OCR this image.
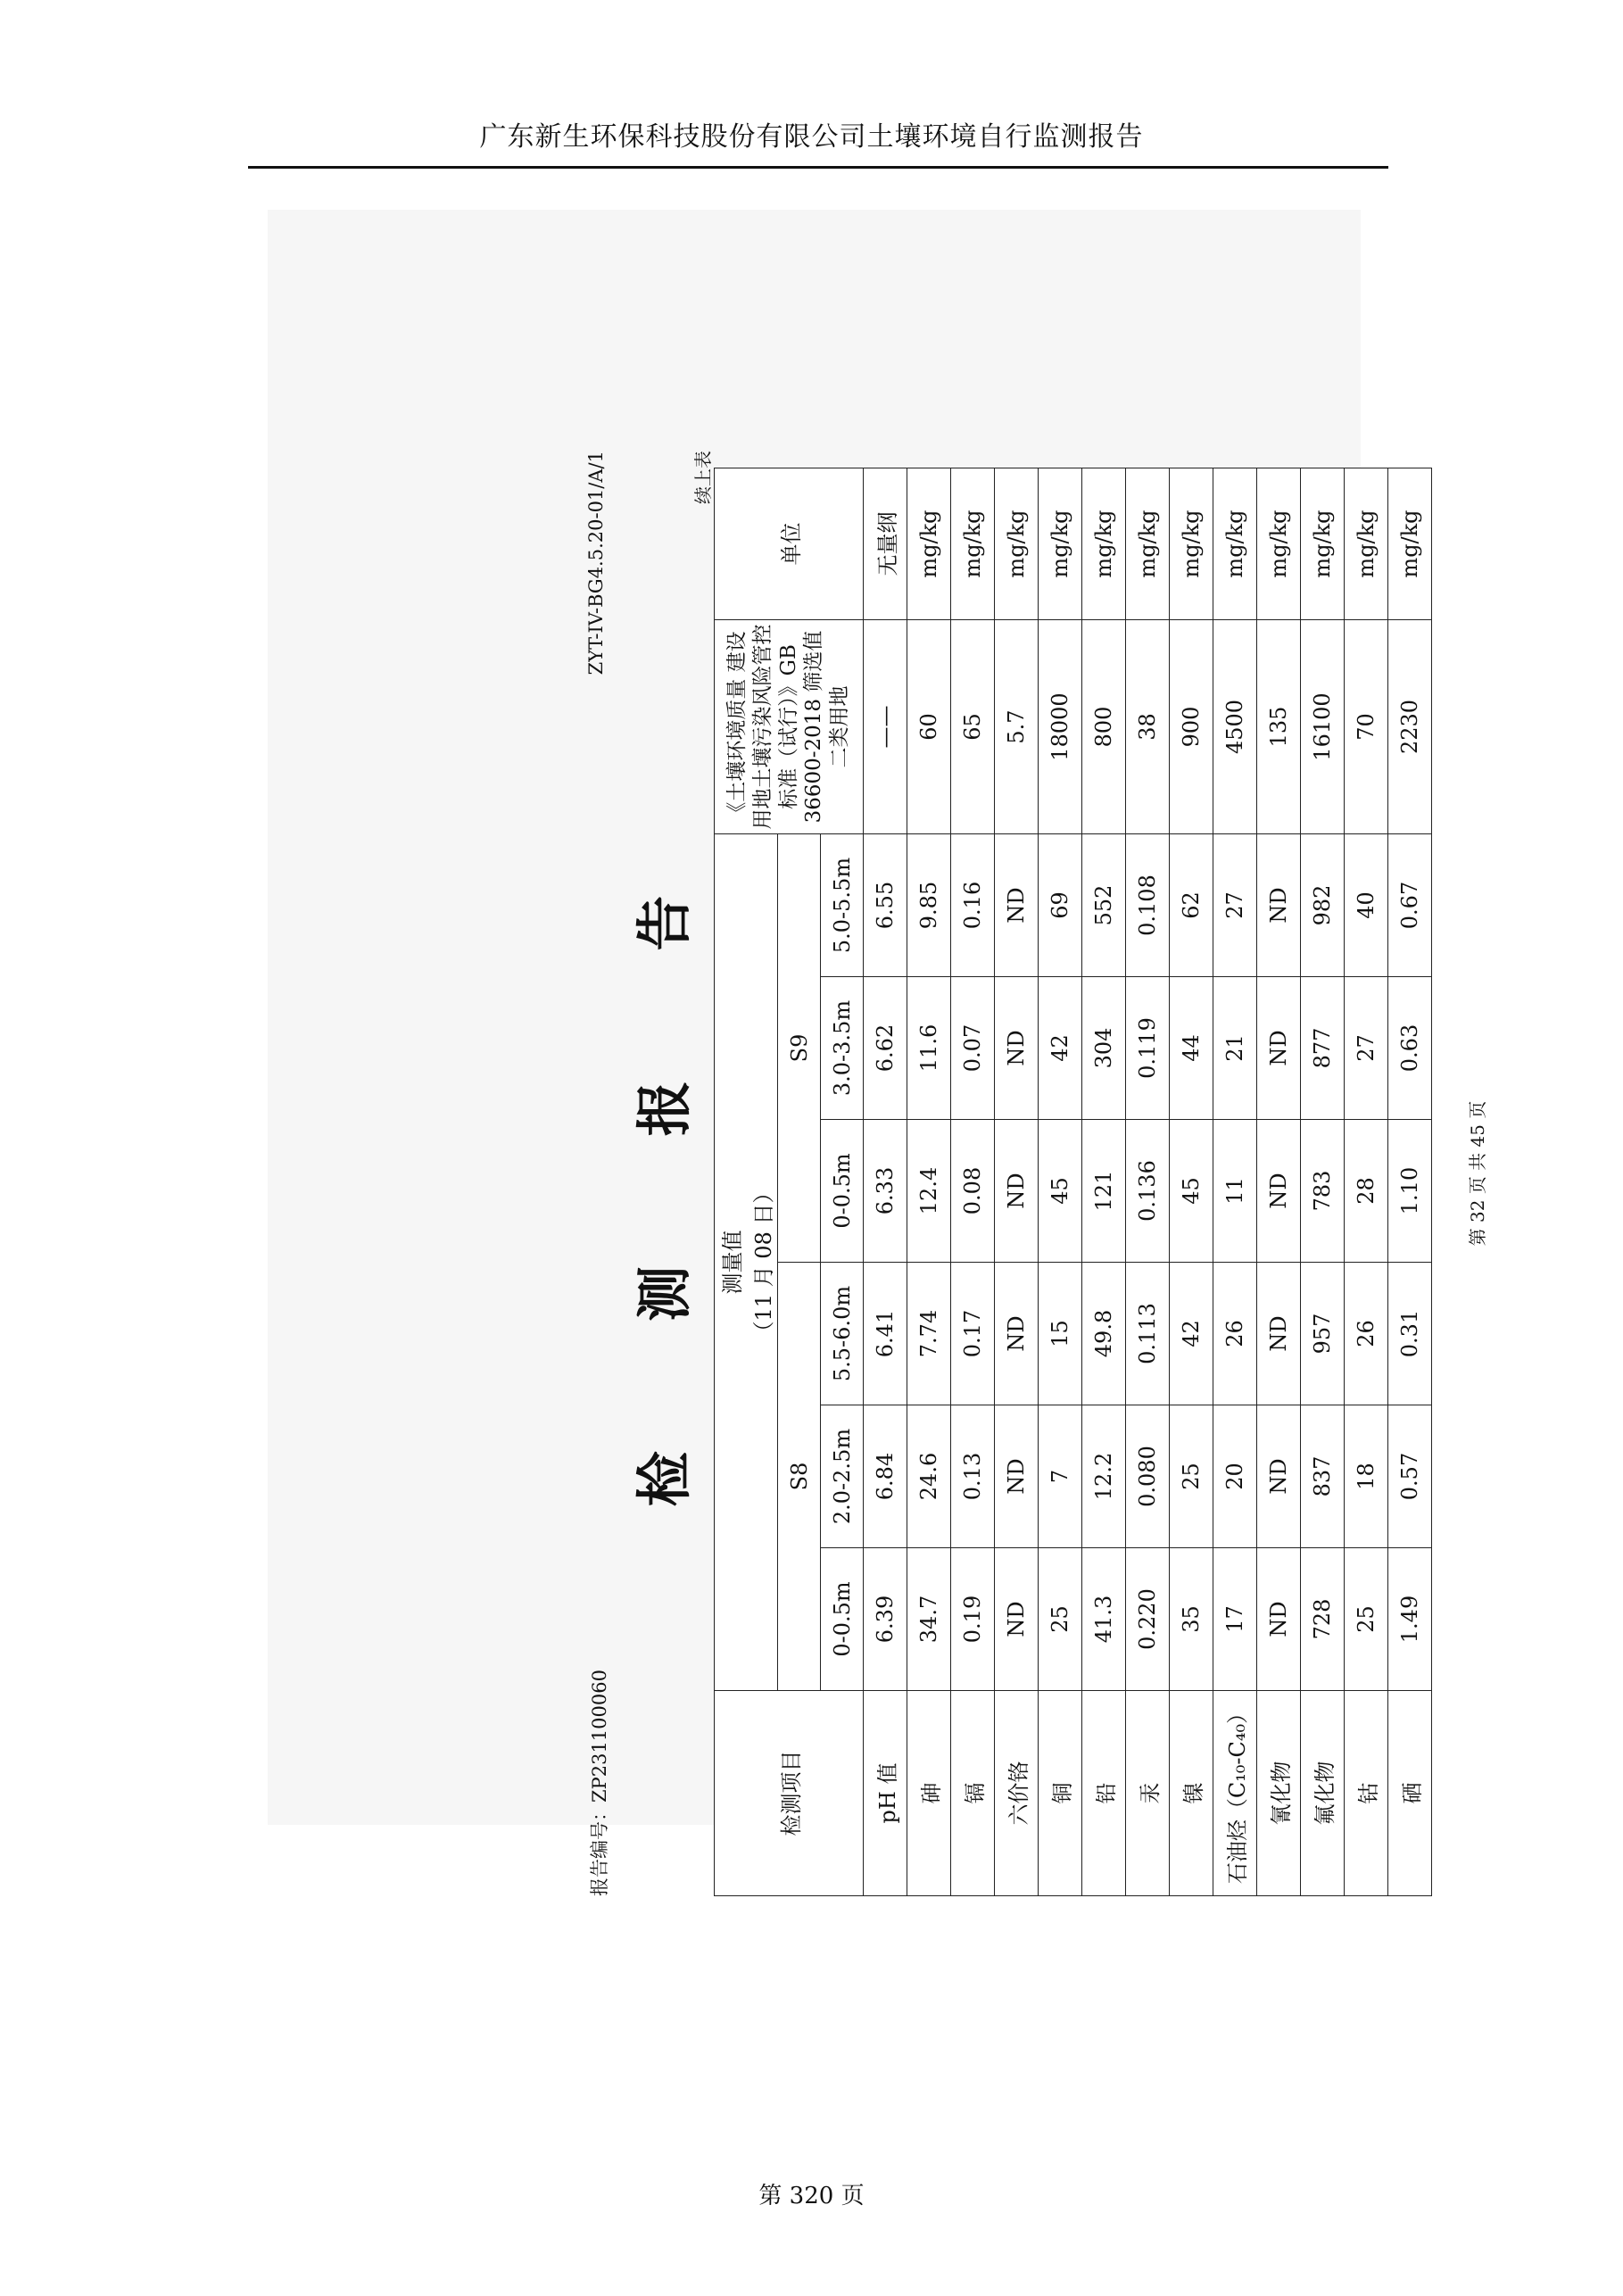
广东新生环保科技股份有限公司土壤环境自行监测报告
报告编号：ZP231100060
ZYT-IV-BG4.5.20-01/A/1
检 测 报 告
续上表
检测项目	测量值 （11 月 08 日）						《土壤环境质量 建设用地土壤污染风险管控标准（试行）》GB 36600-2018 筛选值二类用地	单位
	S8			S9				
	0-0.5m	2.0-2.5m	5.5-6.0m	0-0.5m	3.0-3.5m	5.0-5.5m		
pH 值	6.39	6.84	6.41	6.33	6.62	6.55	——	无量纲
砷	34.7	24.6	7.74	12.4	11.6	9.85	60	mg/kg
镉	0.19	0.13	0.17	0.08	0.07	0.16	65	mg/kg
六价铬	ND	ND	ND	ND	ND	ND	5.7	mg/kg
铜	25	7	15	45	42	69	18000	mg/kg
铅	41.3	12.2	49.8	121	304	552	800	mg/kg
汞	0.220	0.080	0.113	0.136	0.119	0.108	38	mg/kg
镍	35	25	42	45	44	62	900	mg/kg
石油烃（C₁₀-C₄₀）	17	20	26	11	21	27	4500	mg/kg
氰化物	ND	ND	ND	ND	ND	ND	135	mg/kg
氟化物	728	837	957	783	877	982	16100	mg/kg
钴	25	18	26	28	27	40	70	mg/kg
硒	1.49	0.57	0.31	1.10	0.63	0.67	2230	mg/kg
第 32 页 共 45 页
第 320 页
